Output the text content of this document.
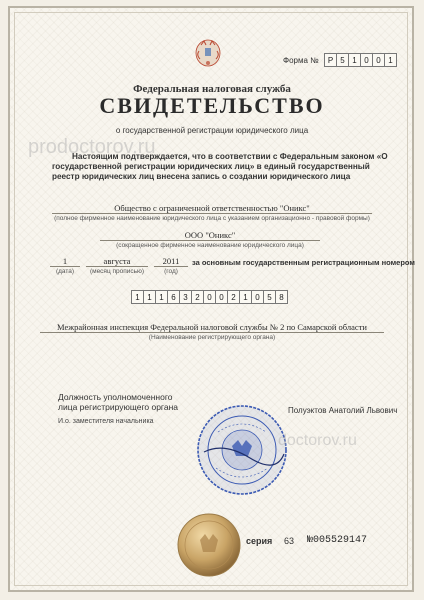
Форма №	Р 5 1 0 0 1
Федеральная налоговая служба
СВИДЕТЕЛЬСТВО
о государственной регистрации юридического лица
prodoctorov.ru
Настоящим подтверждается, что в соответствии с Федеральным законом «О государственной регистрации юридических лиц» в единый государственный реестр юридических лиц внесена запись о создании юридического лица
Общество с ограниченной ответственностью "Оникс"
(полное фирменное наименование юридического лица с указанием организационно - правовой формы)
ООО "Оникс"
(сокращенное фирменное наименование юридического лица)
1
(дата)
августа
(месяц прописью)
2011
(год)
за основным государственным регистрационным номером
1 1 1 6 3 2 0 0 2 1 0 5 8
Межрайонная инспекция Федеральной налоговой службы № 2 по Самарской области
(Наименование регистрирующего органа)
Должность уполномоченного
лица регистрирующего органа
И.о. заместителя начальника
Полуэктов Анатолий Львович
doctorov.ru
серия 63 №005529147
